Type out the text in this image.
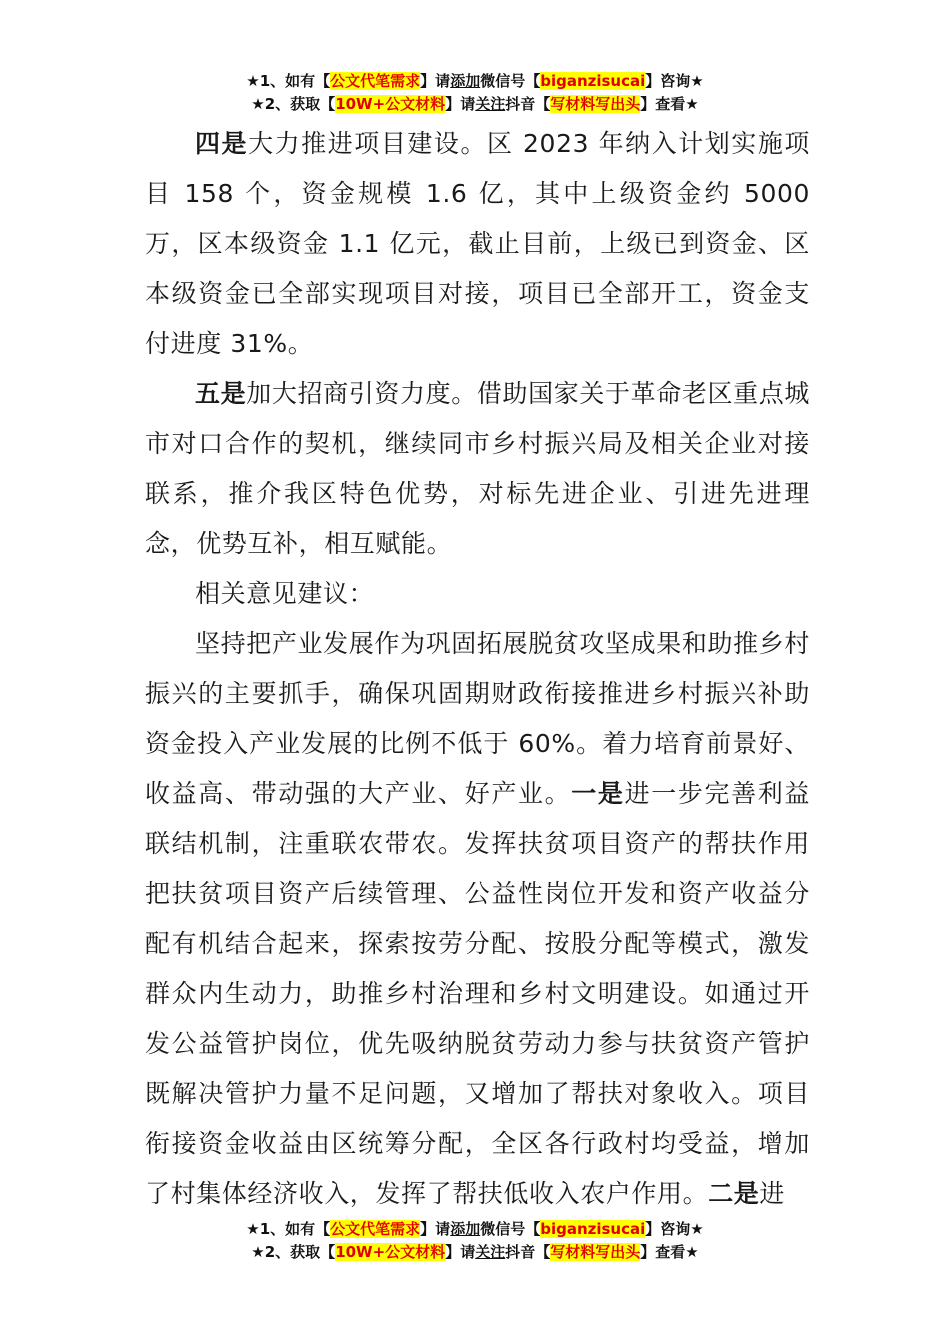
★1、如有【公文代笔需求】请添加微信号【biganzisucai】咨询★
★2、获取【10W+公文材料】请关注抖音【写材料写出头】查看★

四是大力推进项目建设。区 2023 年纳入计划实施项目 158 个，资金规模 1.6 亿，其中上级资金约 5000 万，区本级资金 1.1 亿元，截止目前，上级已到资金、区本级资金已全部实现项目对接，项目已全部开工，资金支付进度 31%。

五是加大招商引资力度。借助国家关于革命老区重点城市对口合作的契机，继续同市乡村振兴局及相关企业对接联系，推介我区特色优势，对标先进企业、引进先进理念，优势互补，相互赋能。

相关意见建议：

坚持把产业发展作为巩固拓展脱贫攻坚成果和助推乡村振兴的主要抓手，确保巩固期财政衔接推进乡村振兴补助资金投入产业发展的比例不低于 60%。着力培育前景好、收益高、带动强的大产业、好产业。一是进一步完善利益联结机制，注重联农带农。发挥扶贫项目资产的帮扶作用把扶贫项目资产后续管理、公益性岗位开发和资产收益分配有机结合起来，探索按劳分配、按股分配等模式，激发群众内生动力，助推乡村治理和乡村文明建设。如通过开发公益管护岗位，优先吸纳脱贫劳动力参与扶贫资产管护既解决管护力量不足问题，又增加了帮扶对象收入。项目衔接资金收益由区统筹分配，全区各行政村均受益，增加了村集体经济收入，发挥了帮扶低收入农户作用。二是进

★1、如有【公文代笔需求】请添加微信号【biganzisucai】咨询★
★2、获取【10W+公文材料】请关注抖音【写材料写出头】查看★
